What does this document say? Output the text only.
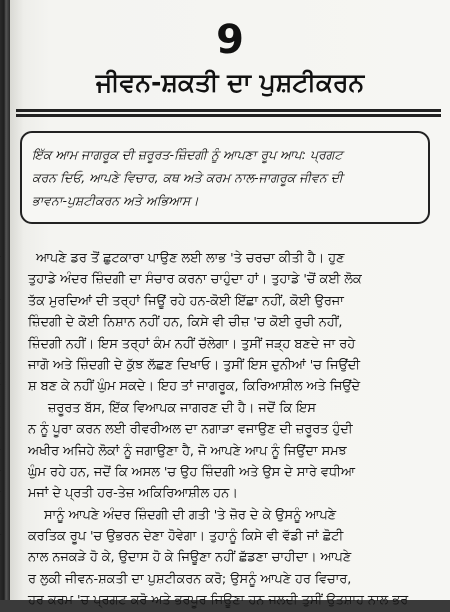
9
ਜੀਵਨ-ਸ਼ਕਤੀ ਦਾ ਪੁਸ਼ਟੀਕਰਨ
ਇੱਕ ਆਮ ਜਾਗਰੂਕ ਦੀ ਜ਼ਰੂਰਤ-ਜ਼ਿੰਦਗੀ ਨੂੰ ਆਪਣਾ ਰੂਪ ਆਪ: ਪ੍ਰਗਟ
ਕਰਨ ਦਿਓ, ਆਪਣੇ ਵਿਚਾਰ, ਕਥ ਅਤੇ ਕਰਮ ਨਾਲ-ਜਾਗਰੂਕ ਜੀਵਨ ਦੀ
ਭਾਵਨਾ-ਪੁਸ਼ਟੀਕਰਨ ਅਤੇ ਅਭਿਆਸ।
ਆਪਣੇ ਡਰ ਤੋਂ ਛੁਟਕਾਰਾ ਪਾਉਣ ਲਈ ਲਾਭ 'ਤੇ ਚਰਚਾ ਕੀਤੀ ਹੈ। ਹੁਣ
ਤੁਹਾਡੇ ਅੰਦਰ ਜ਼ਿੰਦਗੀ ਦਾ ਸੰਚਾਰ ਕਰਨਾ ਚਾਹੁੰਦਾ ਹਾਂ। ਤੁਹਾਡੇ 'ਚੋਂ ਕਈ ਲੋਕ
ਤੱਕ ਮੁਰਦਿਆਂ ਦੀ ਤਰ੍ਹਾਂ ਜਿਊਂ ਰਹੇ ਹਨ-ਕੋਈ ਇੱਛਾ ਨਹੀਂ, ਕੋਈ ਉਰਜਾ
ਜ਼ਿੰਦਗੀ ਦੇ ਕੋਈ ਨਿਸ਼ਾਨ ਨਹੀਂ ਹਨ, ਕਿਸੇ ਵੀ ਚੀਜ਼ 'ਚ ਕੋਈ ਰੁਚੀ ਨਹੀਂ,
ਜ਼ਿੰਦਗੀ ਨਹੀਂ। ਇਸ ਤਰ੍ਹਾਂ ਕੰਮ ਨਹੀਂ ਚੱਲੇਗਾ। ਤੁਸੀਂ ਜੜ੍ਹ ਬਣਦੇ ਜਾ ਰਹੇ
ਜਾਗੋ ਅਤੇ ਜ਼ਿੰਦਗੀ ਦੇ ਕੁੱਝ ਲੱਛਣ ਦਿਖਾਓ। ਤੁਸੀਂ ਇਸ ਦੁਨੀਆਂ 'ਚ ਜਿਉਂਦੀ
ਸ਼ ਬਣ ਕੇ ਨਹੀਂ ਘੁੰਮ ਸਕਦੇ। ਇਹ ਤਾਂ ਜਾਗਰੂਕ, ਕਿਰਿਆਸ਼ੀਲ ਅਤੇ ਜਿਉਂਦੇ
ਜ਼ਰੂਰਤ ਬੱਸ, ਇੱਕ ਵਿਆਪਕ ਜਾਗਰਣ ਦੀ ਹੈ। ਜਦੋਂ ਕਿ ਇਸ
ਨ ਨੂੰ ਪੂਰਾ ਕਰਨ ਲਈ ਰੀਵਰੀਅਲ ਦਾ ਨਗਾੜਾ ਵਜਾਉਣ ਦੀ ਜ਼ਰੂਰਤ ਹੁੰਦੀ
ਅਖੀਰ ਅਜਿਹੇ ਲੋਕਾਂ ਨੂੰ ਜਗਾਉਣਾ ਹੈ, ਜੋ ਆਪਣੇ ਆਪ ਨੂੰ ਜਿਉਂਦਾ ਸਮਝ
ਘੁੰਮ ਰਹੇ ਹਨ, ਜਦੋਂ ਕਿ ਅਸਲ 'ਚ ਉਹ ਜ਼ਿੰਦਗੀ ਅਤੇ ਉਸ ਦੇ ਸਾਰੇ ਵਧੀਆ
ਮਜਾਂ ਦੇ ਪ੍ਰਤੀ ਹਰ-ਤੇਜ਼ ਅਕਿਰਿਆਸ਼ੀਲ ਹਨ।
ਸਾਨੂੰ ਆਪਣੇ ਅੰਦਰ ਜ਼ਿੰਦਗੀ ਦੀ ਗਤੀ 'ਤੇ ਜ਼ੋਰ ਦੇ ਕੇ ਉਸਨੂੰ ਆਪਣੇ
ਕਰਤਿਕ ਰੂਪ 'ਚ ਉਭਰਨ ਦੇਣਾ ਹੋਵੇਗਾ। ਤੁਹਾਨੂੰ ਕਿਸੇ ਵੀ ਵੱਡੀ ਜਾਂ ਛੋਟੀ
ਨਾਲ ਨਜਕੜੇ ਹੋ ਕੇ, ਉਦਾਸ ਹੋ ਕੇ ਜਿਊਣਾ ਨਹੀਂ ਛੱਡਣਾ ਚਾਹੀਦਾ। ਆਪਣੇ
ਰ ਲੁਕੀ ਜੀਵਨ-ਸ਼ਕਤੀ ਦਾ ਪੁਸ਼ਟੀਕਰਨ ਕਰੋ; ਉਸਨੂੰ ਆਪਣੇ ਹਰ ਵਿਚਾਰ,
ਹਰ ਕਰਮ 'ਚ ਪ੍ਰਗਟ ਕਰੋ ਅਤੇ ਭਰਪੂਰ ਜਿਊਣਾ ਹਨ ਜਲਦੀ ਤੁਸੀਂ ਉਤਸ਼ਾਹ ਨਾਲ ਭਰ
